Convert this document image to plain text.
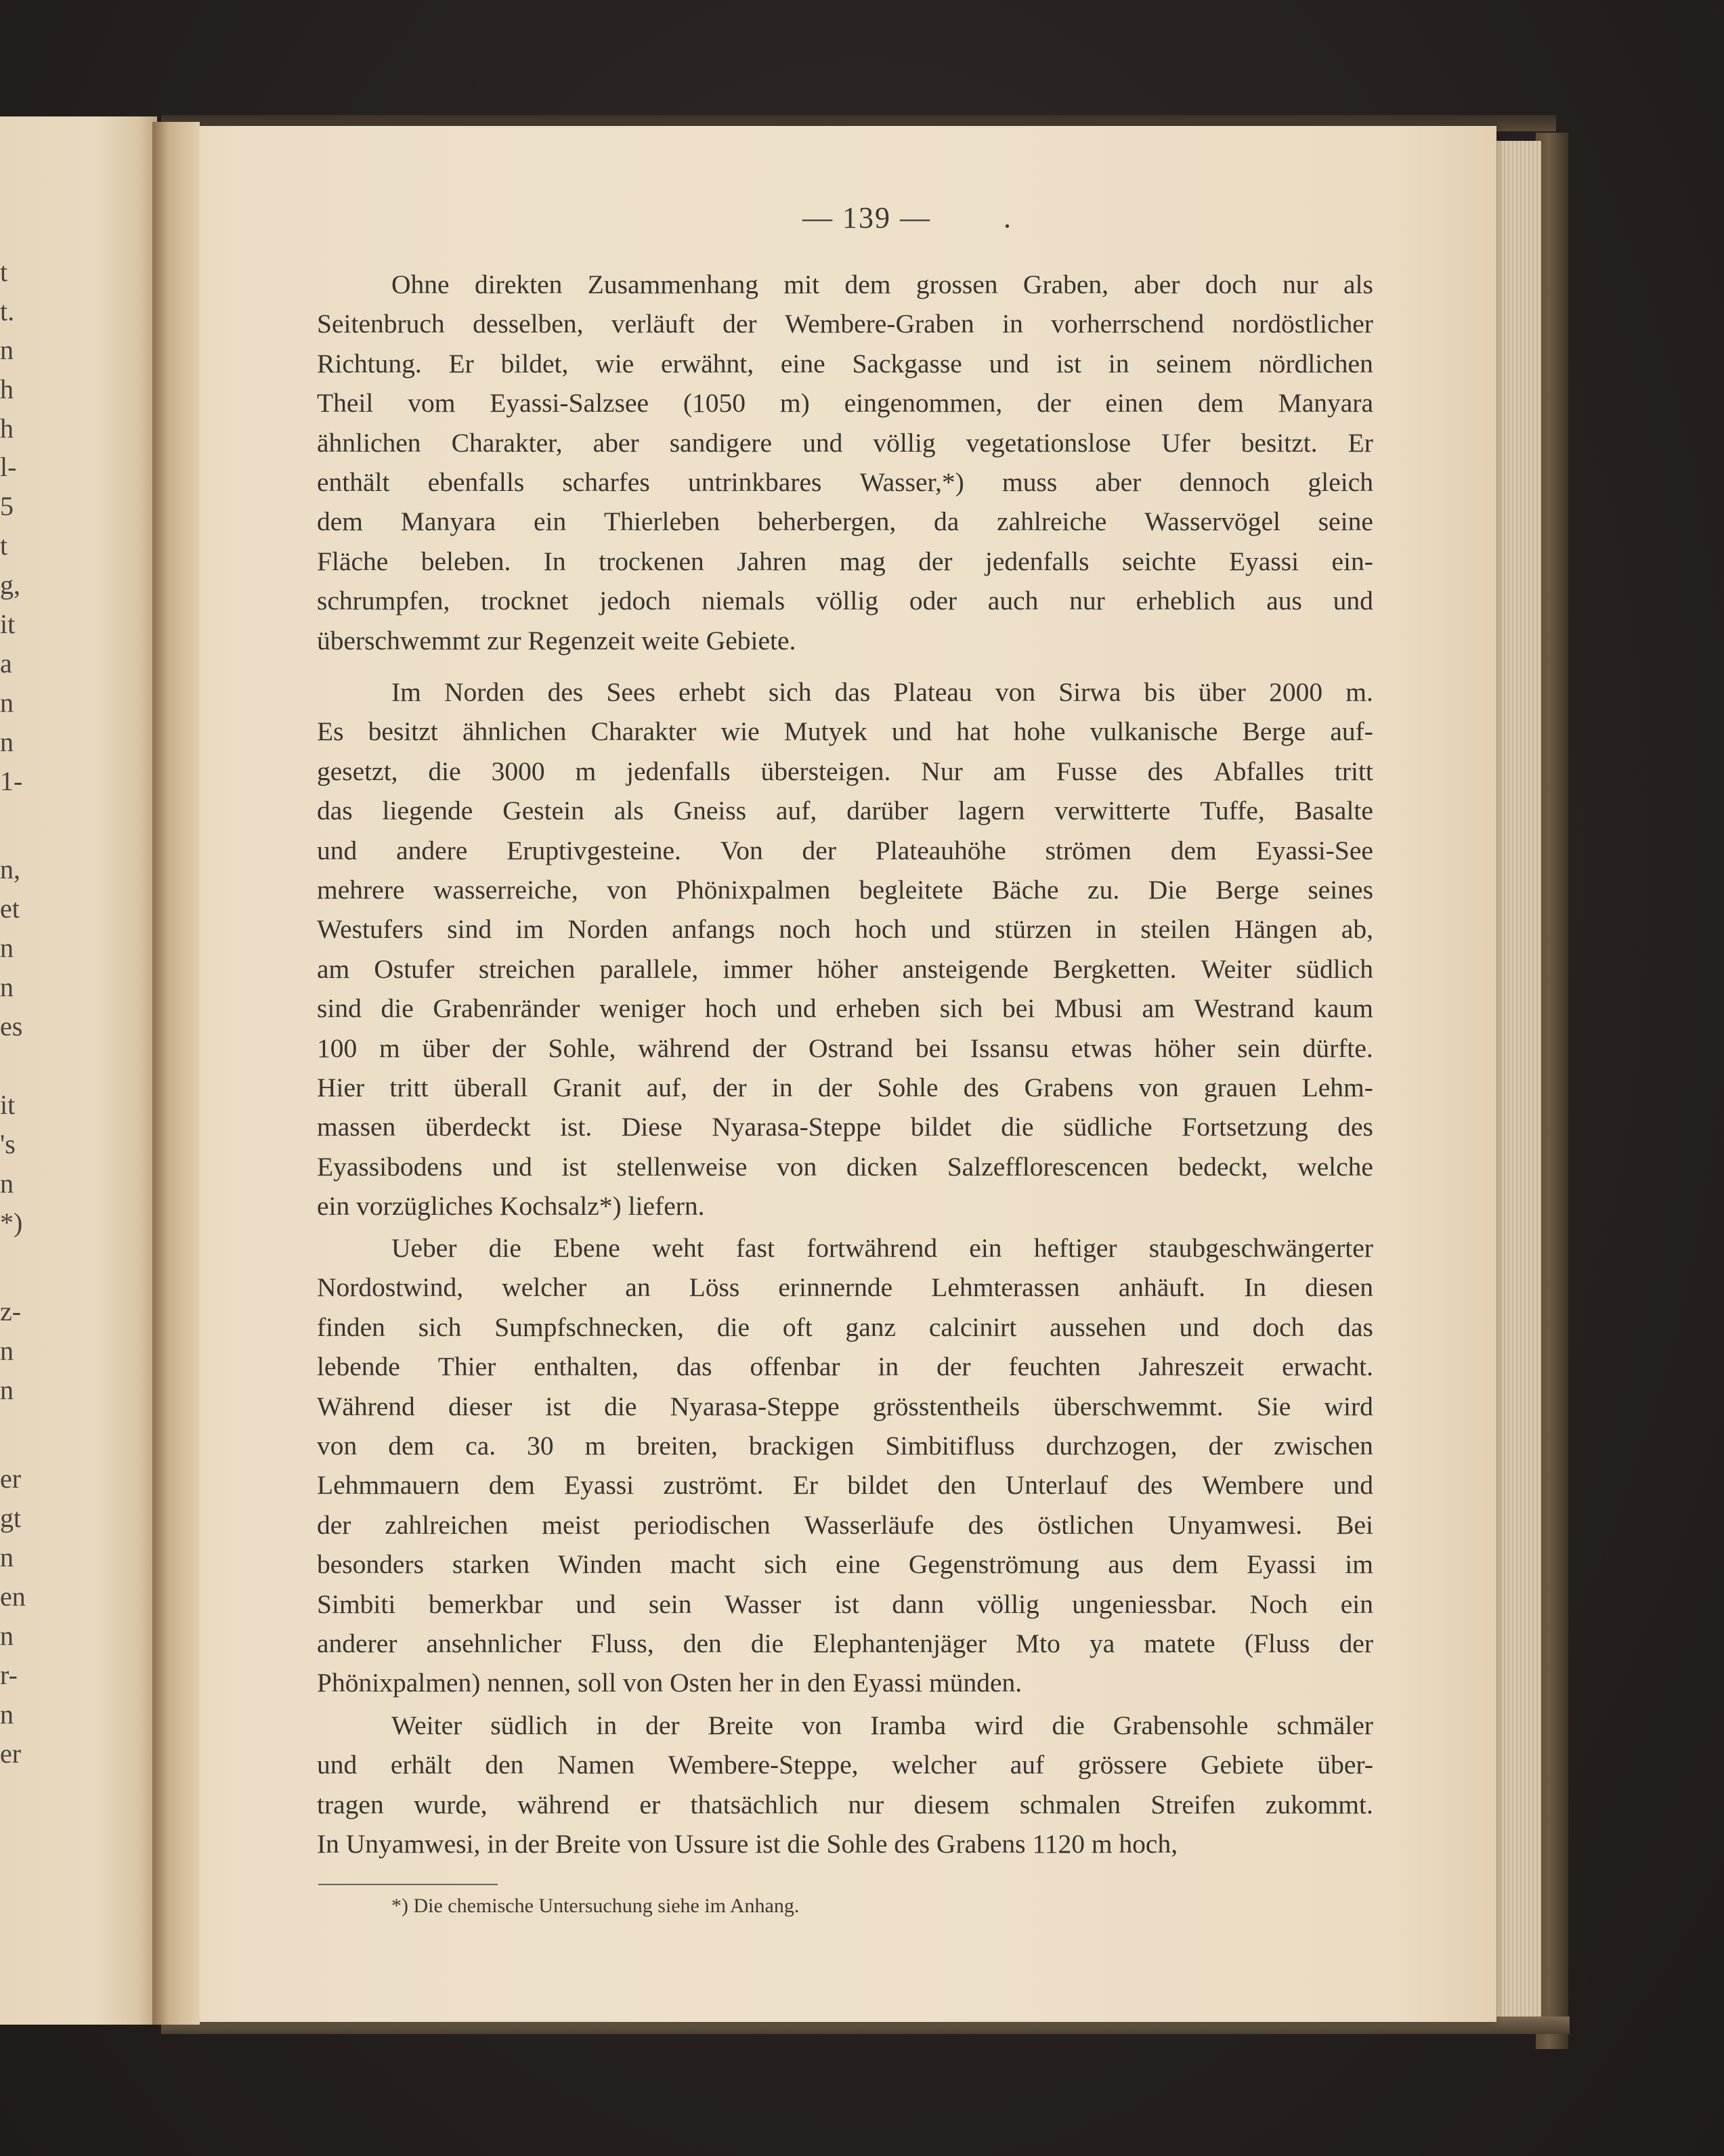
t
t.
n
h
h
l-
5
t
g,
it
a
n
n
1-
n,
et
n
n
es
it
's
n
*)
z-
n
n
er
gt
n
en
n
r-
n
er
— 139 —	.
Ohne direkten Zusammenhang mit dem grossen Graben, aber doch nur als
Seitenbruch desselben, verläuft der Wembere-Graben in vorherrschend nordöstlicher
Richtung. Er bildet, wie erwähnt, eine Sackgasse und ist in seinem nördlichen
Theil vom Eyassi-Salzsee (1050 m) eingenommen, der einen dem Manyara
ähnlichen Charakter, aber sandigere und völlig vegetationslose Ufer besitzt. Er
enthält ebenfalls scharfes untrinkbares Wasser,*) muss aber dennoch gleich
dem Manyara ein Thierleben beherbergen, da zahlreiche Wasservögel seine
Fläche beleben. In trockenen Jahren mag der jedenfalls seichte Eyassi ein-
schrumpfen, trocknet jedoch niemals völlig oder auch nur erheblich aus und
überschwemmt zur Regenzeit weite Gebiete.
Im Norden des Sees erhebt sich das Plateau von Sirwa bis über 2000 m.
Es besitzt ähnlichen Charakter wie Mutyek und hat hohe vulkanische Berge auf-
gesetzt, die 3000 m jedenfalls übersteigen. Nur am Fusse des Abfalles tritt
das liegende Gestein als Gneiss auf, darüber lagern verwitterte Tuffe, Basalte
und andere Eruptivgesteine. Von der Plateauhöhe strömen dem Eyassi-See
mehrere wasserreiche, von Phönixpalmen begleitete Bäche zu. Die Berge seines
Westufers sind im Norden anfangs noch hoch und stürzen in steilen Hängen ab,
am Ostufer streichen parallele, immer höher ansteigende Bergketten. Weiter südlich
sind die Grabenränder weniger hoch und erheben sich bei Mbusi am Westrand kaum
100 m über der Sohle, während der Ostrand bei Issansu etwas höher sein dürfte.
Hier tritt überall Granit auf, der in der Sohle des Grabens von grauen Lehm-
massen überdeckt ist. Diese Nyarasa-Steppe bildet die südliche Fortsetzung des
Eyassibodens und ist stellenweise von dicken Salzefflorescencen bedeckt, welche
ein vorzügliches Kochsalz*) liefern.
Ueber die Ebene weht fast fortwährend ein heftiger staubgeschwängerter
Nordostwind, welcher an Löss erinnernde Lehmterassen anhäuft. In diesen
finden sich Sumpfschnecken, die oft ganz calcinirt aussehen und doch das
lebende Thier enthalten, das offenbar in der feuchten Jahreszeit erwacht.
Während dieser ist die Nyarasa-Steppe grösstentheils überschwemmt. Sie wird
von dem ca. 30 m breiten, brackigen Simbitifluss durchzogen, der zwischen
Lehmmauern dem Eyassi zuströmt. Er bildet den Unterlauf des Wembere und
der zahlreichen meist periodischen Wasserläufe des östlichen Unyamwesi. Bei
besonders starken Winden macht sich eine Gegenströmung aus dem Eyassi im
Simbiti bemerkbar und sein Wasser ist dann völlig ungeniessbar. Noch ein
anderer ansehnlicher Fluss, den die Elephantenjäger Mto ya matete (Fluss der
Phönixpalmen) nennen, soll von Osten her in den Eyassi münden.
Weiter südlich in der Breite von Iramba wird die Grabensohle schmäler
und erhält den Namen Wembere-Steppe, welcher auf grössere Gebiete über-
tragen wurde, während er thatsächlich nur diesem schmalen Streifen zukommt.
In Unyamwesi, in der Breite von Ussure ist die Sohle des Grabens 1120 m hoch,
*) Die chemische Untersuchung siehe im Anhang.
